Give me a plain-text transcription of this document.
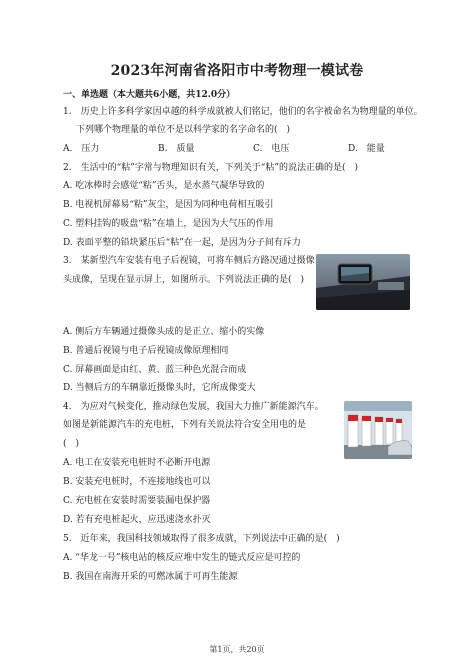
2023年河南省洛阳市中考物理一模试卷
一、单选题（本大题共6小题，共12.0分）
1.　历史上许多科学家因卓越的科学成就被人们铭记，他们的名字被命名为物理量的单位。
下列哪个物理量的单位不是以科学家的名字命名的(　)
A.　压力	B.　质量	C.　电压	D.　能量
2.　生活中的“粘”字常与物理知识有关，下列关于“粘”的说法正确的是(　)
A. 吃冰棒时会感觉“粘”舌头，是水蒸气凝华导致的
B. 电视机屏幕易“粘”灰尘，是因为同种电荷相互吸引
C. 塑料挂钩的吸盘“粘”在墙上，是因为大气压的作用
D. 表面平整的铅块紧压后“粘”在一起，是因为分子间有斥力
3.　某新型汽车安装有电子后视镜，可将车侧后方路况通过摄像
头成像，呈现在显示屏上，如图所示。下列说法正确的是(　)
A. 侧后方车辆通过摄像头成的是正立、缩小的实像
B. 普通后视镜与电子后视镜成像原理相同
C. 屏幕画面是由红、黄、蓝三种色光混合而成
D. 当侧后方的车辆靠近摄像头时，它所成像变大
4.　为应对气候变化，推动绿色发展，我国大力推广新能源汽车。
如图是新能源汽车的充电桩，下列有关说法符合安全用电的是
(　)
A. 电工在安装充电桩时不必断开电源
B. 安装充电桩时，不连接地线也可以
C. 充电桩在安装时需要装漏电保护器
D. 若有充电桩起火，应迅速浇水扑灭
5.　近年来，我国科技领域取得了很多成就，下列说法中正确的是(　)
A. “华龙一号”核电站的核反应堆中发生的链式反应是可控的
B. 我国在南海开采的可燃冰属于可再生能源
第1页，共20页
